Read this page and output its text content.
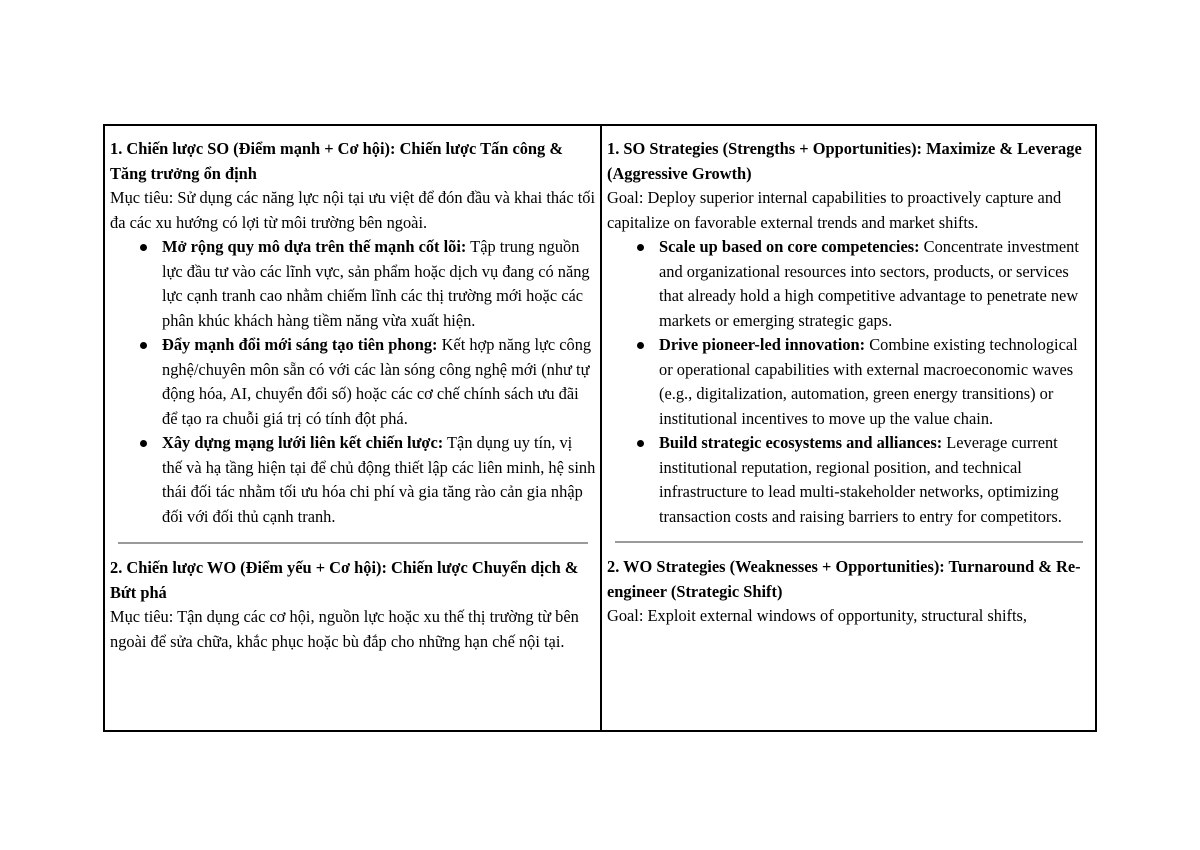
1. Chiến lược SO (Điểm mạnh + Cơ hội): Chiến lược Tấn công & Tăng trưởng ổn định

Mục tiêu: Sử dụng các năng lực nội tại ưu việt để đón đầu và khai thác tối đa các xu hướng có lợi từ môi trường bên ngoài.

Mở rộng quy mô dựa trên thế mạnh cốt lõi: Tập trung nguồn lực đầu tư vào các lĩnh vực, sản phẩm hoặc dịch vụ đang có năng lực cạnh tranh cao nhằm chiếm lĩnh các thị trường mới hoặc các phân khúc khách hàng tiềm năng vừa xuất hiện.
Đẩy mạnh đổi mới sáng tạo tiên phong: Kết hợp năng lực công nghệ/chuyên môn sẵn có với các làn sóng công nghệ mới (như tự động hóa, AI, chuyển đổi số) hoặc các cơ chế chính sách ưu đãi để tạo ra chuỗi giá trị có tính đột phá.
Xây dựng mạng lưới liên kết chiến lược: Tận dụng uy tín, vị thế và hạ tầng hiện tại để chủ động thiết lập các liên minh, hệ sinh thái đối tác nhằm tối ưu hóa chi phí và gia tăng rào cản gia nhập đối với đối thủ cạnh tranh.
2. Chiến lược WO (Điểm yếu + Cơ hội): Chiến lược Chuyển dịch & Bứt phá

Mục tiêu: Tận dụng các cơ hội, nguồn lực hoặc xu thế thị trường từ bên ngoài để sửa chữa, khắc phục hoặc bù đắp cho những hạn chế nội tại.

1. SO Strategies (Strengths + Opportunities): Maximize & Leverage (Aggressive Growth)

Goal: Deploy superior internal capabilities to proactively capture and capitalize on favorable external trends and market shifts.

Scale up based on core competencies: Concentrate investment and organizational resources into sectors, products, or services that already hold a high competitive advantage to penetrate new markets or emerging strategic gaps.
Drive pioneer-led innovation: Combine existing technological or operational capabilities with external macroeconomic waves (e.g., digitalization, automation, green energy transitions) or institutional incentives to move up the value chain.
Build strategic ecosystems and alliances: Leverage current institutional reputation, regional position, and technical infrastructure to lead multi-stakeholder networks, optimizing transaction costs and raising barriers to entry for competitors.
2. WO Strategies (Weaknesses + Opportunities): Turnaround & Re-engineer (Strategic Shift)

Goal: Exploit external windows of opportunity, structural shifts,
